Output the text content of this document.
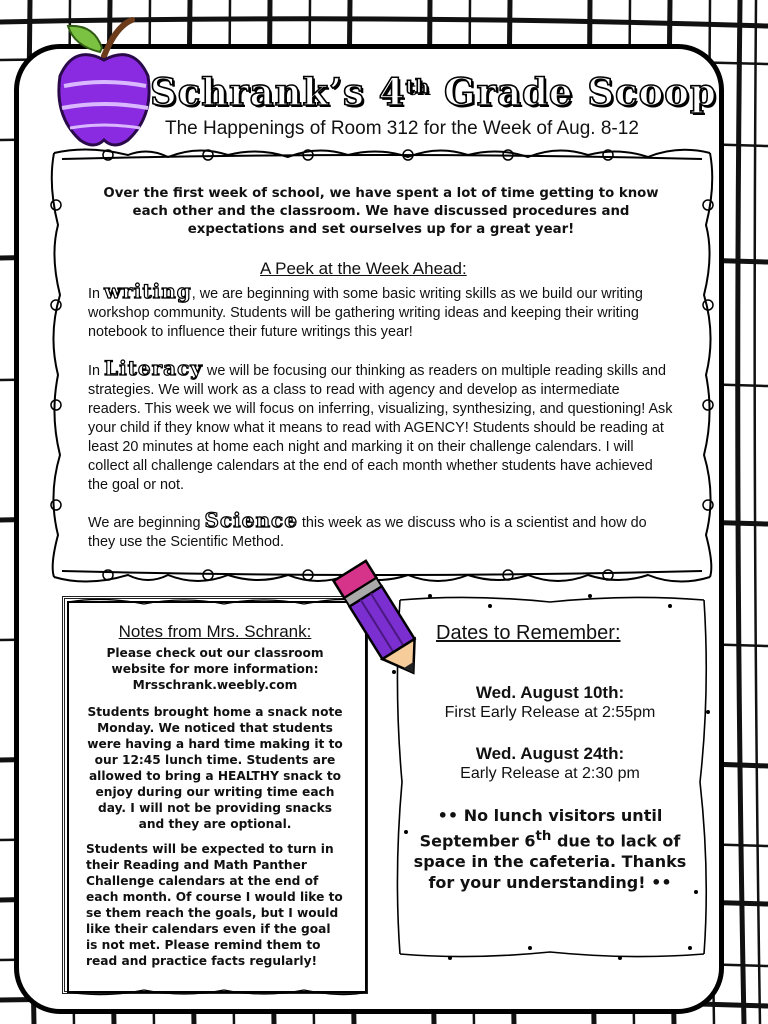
Schrank’s 4th Grade Scoop
The Happenings of Room 312 for the Week of Aug. 8-12
Over the first week of school, we have spent a lot of time getting to know each other and the classroom. We have discussed procedures and expectations and set ourselves up for a great year!
A Peek at the Week Ahead:
In writing, we are beginning with some basic writing skills as we build our writing workshop community. Students will be gathering writing ideas and keeping their writing notebook to influence their future writings this year!
In Literacy we will be focusing our thinking as readers on multiple reading skills and strategies. We will work as a class to read with agency and develop as intermediate readers. This week we will focus on inferring, visualizing, synthesizing, and questioning! Ask your child if they know what it means to read with AGENCY! Students should be reading at least 20 minutes at home each night and marking it on their challenge calendars. I will collect all challenge calendars at the end of each month whether students have achieved the goal or not.
We are beginning Science this week as we discuss who is a scientist and how do they use the Scientific Method.
Notes from Mrs. Schrank:
Please check out our classroom website for more information: Mrsschrank.weebly.com
Students brought home a snack note Monday. We noticed that students were having a hard time making it to our 12:45 lunch time. Students are allowed to bring a HEALTHY snack to enjoy during our writing time each day. I will not be providing snacks and they are optional.
Students will be expected to turn in their Reading and Math Panther Challenge calendars at the end of each month. Of course I would like to se them reach the goals, but I would like their calendars even if the goal is not met. Please remind them to read and practice facts regularly!
Dates to Remember:
Wed. August 10th:
First Early Release at 2:55pm
Wed. August 24th:
Early Release at 2:30 pm
•• No lunch visitors until September 6th due to lack of space in the cafeteria. Thanks for your understanding! ••
